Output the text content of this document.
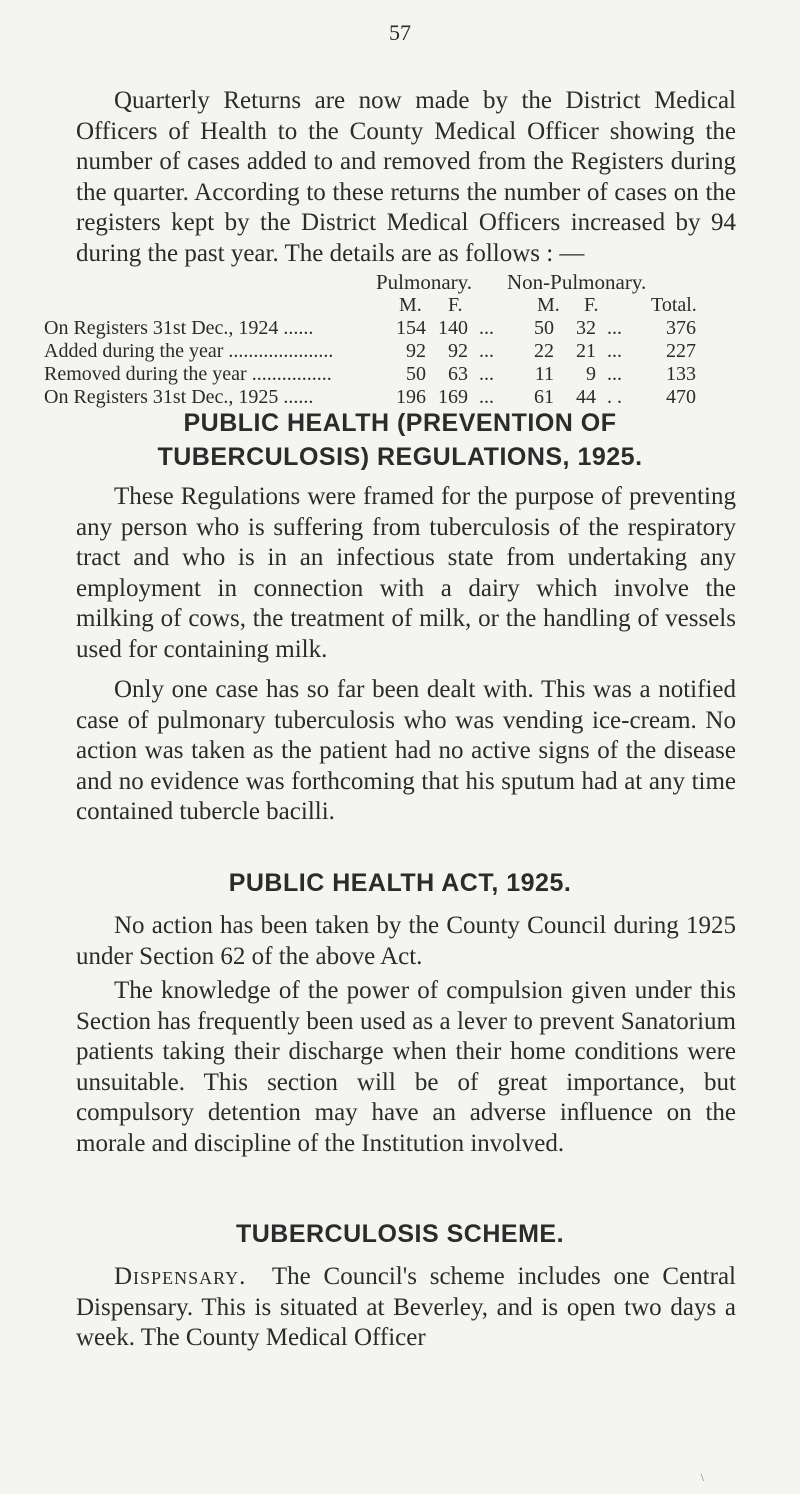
57

Quarterly Returns are now made by the District Medical Officers of Health to the County Medical Officer showing the number of cases added to and removed from the Registers during the quarter. According to these returns the number of cases on the registers kept by the District Medical Officers increased by 94 during the past year. The details are as follows : —

Pulmonary. Non-Pulmonary.
M. F.	M. F.	Total.
On Registers 31st Dec., 1924 ......	154 140 ...	50	32 ...	376
Added during the year .....................	92	92 ...	22	21 ...	227
Removed during the year ................	50	63 ...	11	9 ...	133
On Registers 31st Dec., 1925 ......	196 169 ...	61	44 . .	470
PUBLIC HEALTH (PREVENTION OF
TUBERCULOSIS) REGULATIONS, 1925.

These Regulations were framed for the purpose of preventing any person who is suffering from tuberculosis of the respiratory tract and who is in an infectious state from undertaking any employment in connection with a dairy which involve the milking of cows, the treatment of milk, or the handling of vessels used for containing milk.

Only one case has so far been dealt with. This was a notified case of pulmonary tuberculosis who was vending ice-cream. No action was taken as the patient had no active signs of the disease and no evidence was forthcoming that his sputum had at any time contained tubercle bacilli.

PUBLIC HEALTH ACT, 1925.

No action has been taken by the County Council during 1925 under Section 62 of the above Act.

The knowledge of the power of compulsion given under this Section has frequently been used as a lever to prevent Sanatorium patients taking their discharge when their home conditions were unsuitable. This section will be of great importance, but compulsory detention may have an adverse influence on the morale and discipline of the Institution involved.

TUBERCULOSIS SCHEME.

Dispensary. The Council's scheme includes one Central Dispensary. This is situated at Beverley, and is open two days a week. The County Medical Officer

\
